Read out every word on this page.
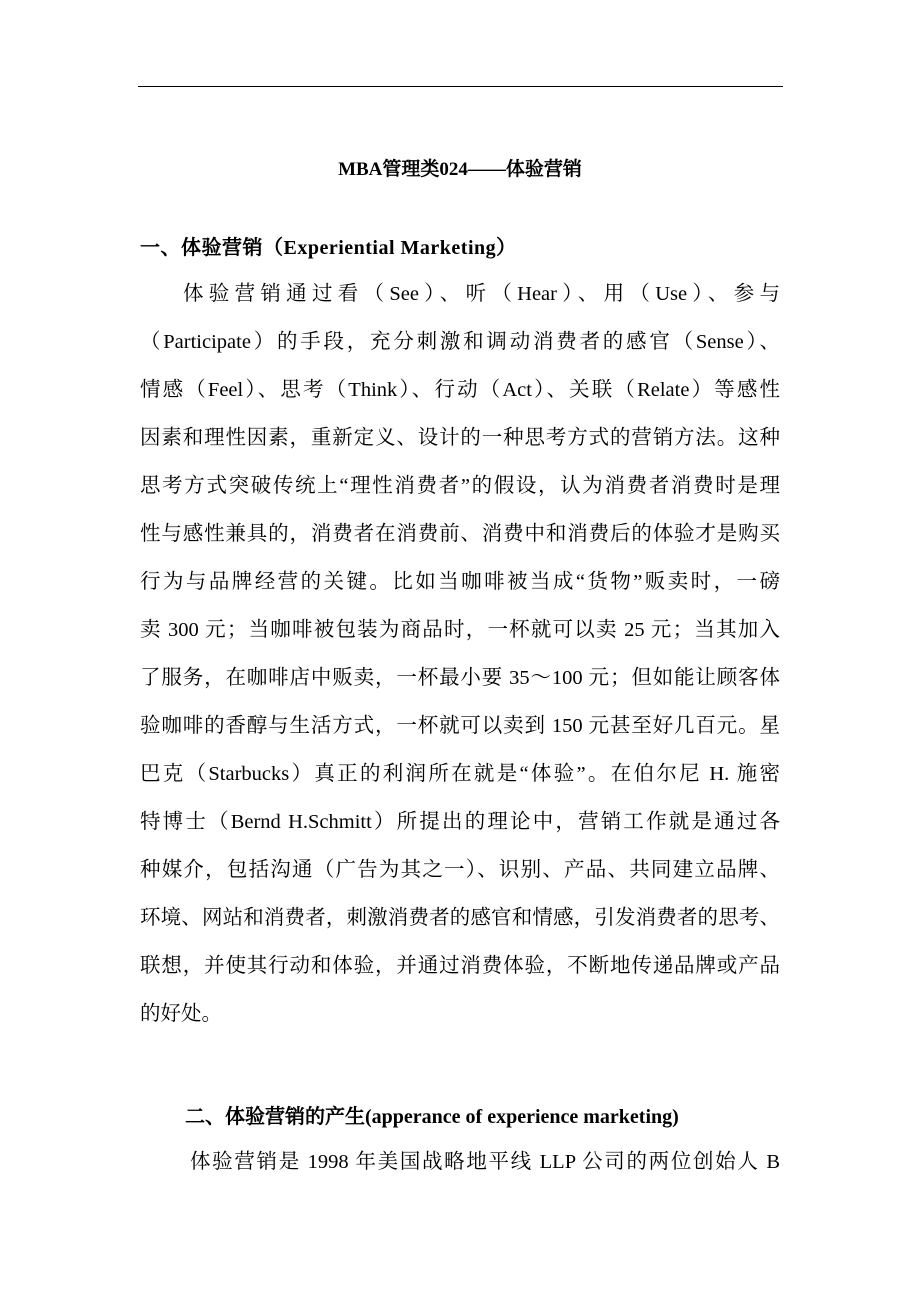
MBA管理类024——体验营销
一、体验营销（Experiential Marketing）
体验营销通过看（See）、听（Hear）、用（Use）、参与
（Participate）的手段，充分刺激和调动消费者的感官（Sense）、
情感（Feel）、思考（Think）、行动（Act）、关联（Relate）等感性
因素和理性因素，重新定义、设计的一种思考方式的营销方法。这种
思考方式突破传统上“理性消费者”的假设，认为消费者消费时是理
性与感性兼具的，消费者在消费前、消费中和消费后的体验才是购买
行为与品牌经营的关键。比如当咖啡被当成“货物”贩卖时，一磅
卖 300 元；当咖啡被包装为商品时，一杯就可以卖 25 元；当其加入
了服务，在咖啡店中贩卖，一杯最小要 35～100 元；但如能让顾客体
验咖啡的香醇与生活方式，一杯就可以卖到 150 元甚至好几百元。星
巴克（Starbucks）真正的利润所在就是“体验”。在伯尔尼 H. 施密
特博士（Bernd H.Schmitt）所提出的理论中，营销工作就是通过各
种媒介，包括沟通（广告为其之一）、识别、产品、共同建立品牌、
环境、网站和消费者，刺激消费者的感官和情感，引发消费者的思考、
联想，并使其行动和体验，并通过消费体验，不断地传递品牌或产品
的好处。
二、体验营销的产生(apperance of experience marketing)
体验营销是 1998 年美国战略地平线 LLP 公司的两位创始人 B
